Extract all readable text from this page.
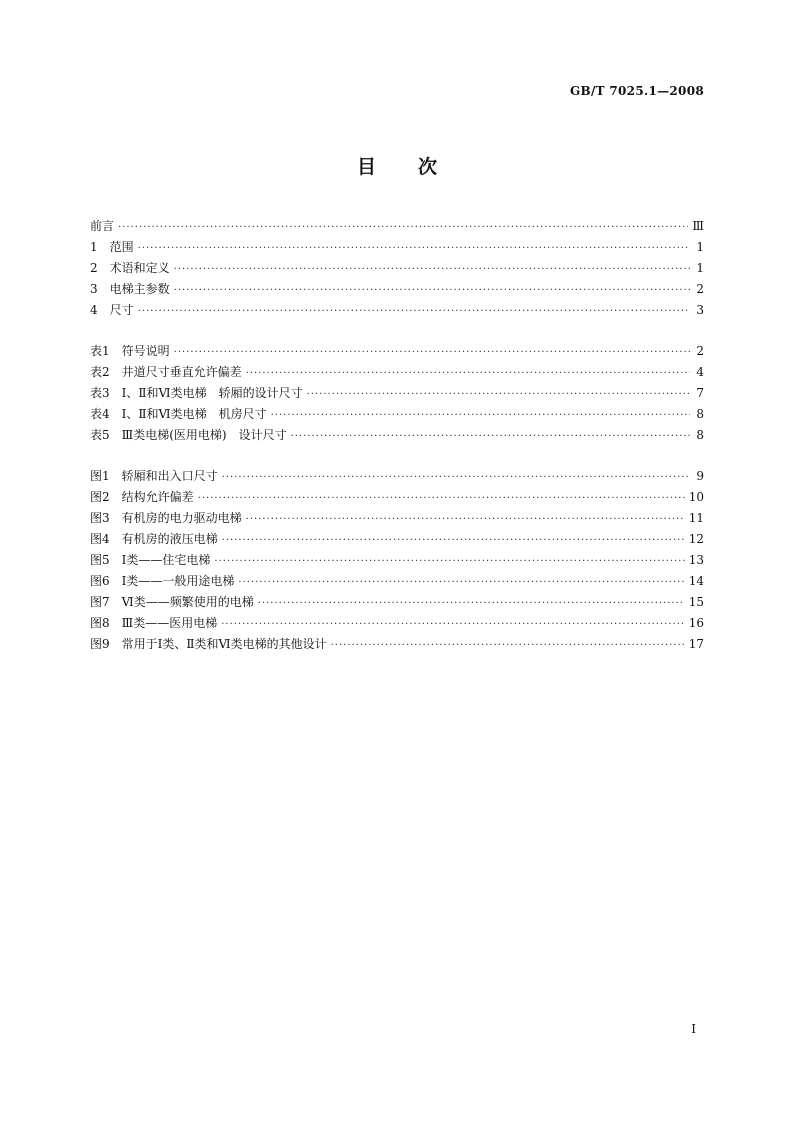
GB/T 7025.1—2008
目次
前言 ·····	Ⅲ
1　范围 ·····	1
2　术语和定义 ·····	1
3　电梯主参数 ·····	2
4　尺寸 ·····	3
表1　符号说明 ·····	2
表2　井道尺寸垂直允许偏差 ·····	4
表3　Ⅰ、Ⅱ和Ⅵ类电梯　轿厢的设计尺寸 ·····	7
表4　Ⅰ、Ⅱ和Ⅵ类电梯　机房尺寸 ·····	8
表5　Ⅲ类电梯(医用电梯)　设计尺寸 ·····	8
图1　轿厢和出入口尺寸 ·····	9
图2　结构允许偏差 ·····	10
图3　有机房的电力驱动电梯 ·····	11
图4　有机房的液压电梯 ·····	12
图5　Ⅰ类——住宅电梯 ·····	13
图6　Ⅰ类——一般用途电梯 ·····	14
图7　Ⅵ类——频繁使用的电梯 ·····	15
图8　Ⅲ类——医用电梯 ·····	16
图9　常用于Ⅰ类、Ⅱ类和Ⅵ类电梯的其他设计 ·····	17
Ⅰ
